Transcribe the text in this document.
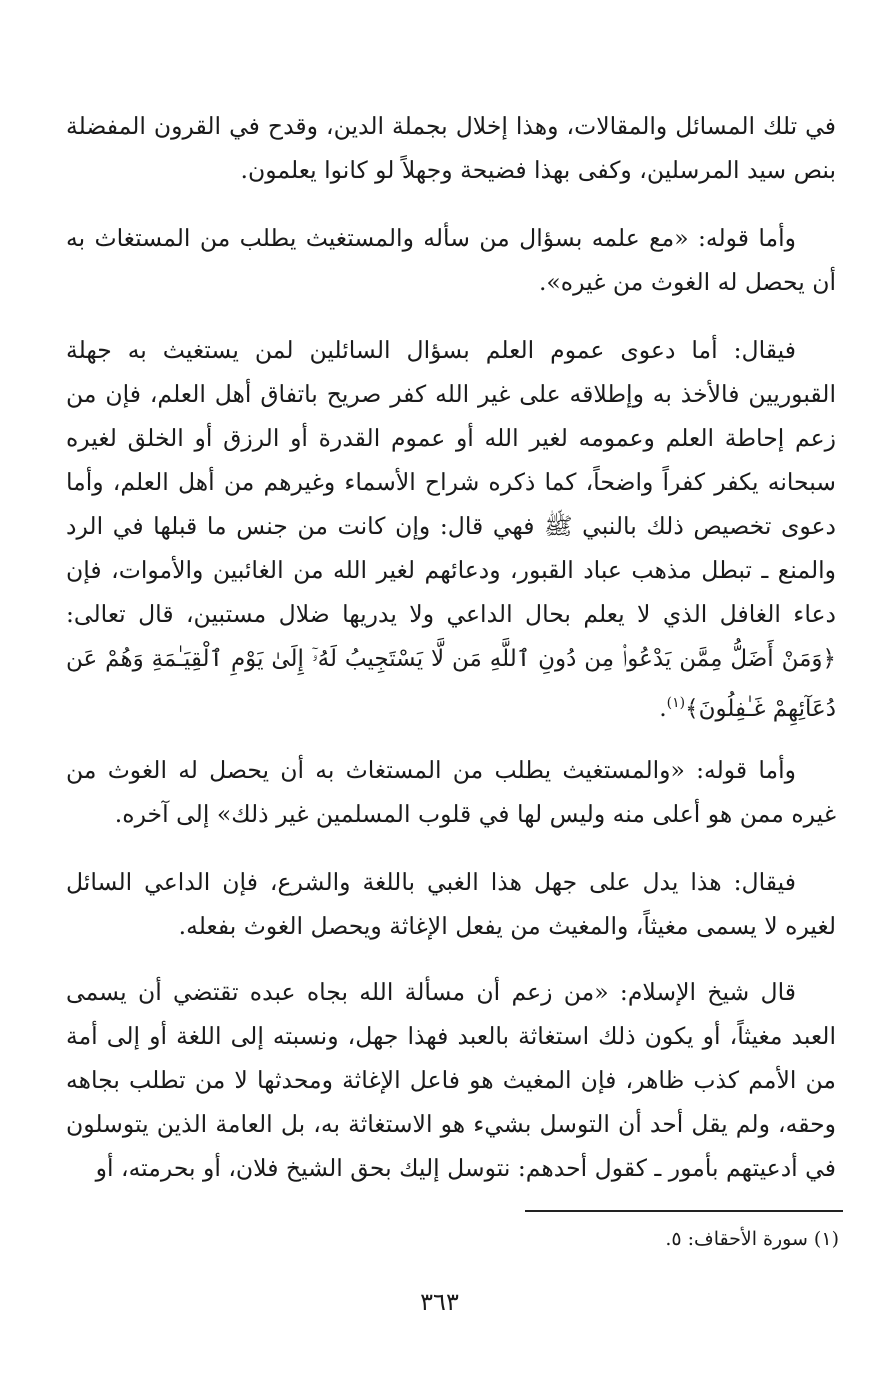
في تلك المسائل والمقالات، وهذا إخلال بجملة الدين، وقدح في القرون المفضلة بنص سيد المرسلين، وكفى بهذا فضيحة وجهلاً لو كانوا يعلمون.
وأما قوله: «مع علمه بسؤال من سأله والمستغيث يطلب من المستغاث به أن يحصل له الغوث من غيره».
فيقال: أما دعوى عموم العلم بسؤال السائلين لمن يستغيث به جهلة القبوريين فالأخذ به وإطلاقه على غير الله كفر صريح باتفاق أهل العلم، فإن من زعم إحاطة العلم وعمومه لغير الله أو عموم القدرة أو الرزق أو الخلق لغيره سبحانه يكفر كفراً واضحاً، كما ذكره شراح الأسماء وغيرهم من أهل العلم، وأما دعوى تخصيص ذلك بالنبي ﷺ فهي قال: وإن كانت من جنس ما قبلها في الرد والمنع ـ تبطل مذهب عباد القبور، ودعائهم لغير الله من الغائبين والأموات، فإن دعاء الغافل الذي لا يعلم بحال الداعي ولا يدريها ضلال مستبين، قال تعالى: ﴿وَمَنْ أَضَلُّ مِمَّن يَدْعُوا۟ مِن دُونِ ٱللَّهِ مَن لَّا يَسْتَجِيبُ لَهُۥٓ إِلَىٰ يَوْمِ ٱلْقِيَـٰمَةِ وَهُمْ عَن دُعَآئِهِمْ غَـٰفِلُونَ﴾$^{(١)}$.
وأما قوله: «والمستغيث يطلب من المستغاث به أن يحصل له الغوث من غيره ممن هو أعلى منه وليس لها في قلوب المسلمين غير ذلك» إلى آخره.
فيقال: هذا يدل على جهل هذا الغبي باللغة والشرع، فإن الداعي السائل لغيره لا يسمى مغيثاً، والمغيث من يفعل الإغاثة ويحصل الغوث بفعله.
قال شيخ الإسلام: «من زعم أن مسألة الله بجاه عبده تقتضي أن يسمى العبد مغيثاً، أو يكون ذلك استغاثة بالعبد فهذا جهل، ونسبته إلى اللغة أو إلى أمة من الأمم كذب ظاهر، فإن المغيث هو فاعل الإغاثة ومحدثها لا من تطلب بجاهه وحقه، ولم يقل أحد أن التوسل بشيء هو الاستغاثة به، بل العامة الذين يتوسلون في أدعيتهم بأمور ـ كقول أحدهم: نتوسل إليك بحق الشيخ فلان، أو بحرمته، أو
(١) سورة الأحقاف: ٥.
٣٦٣
